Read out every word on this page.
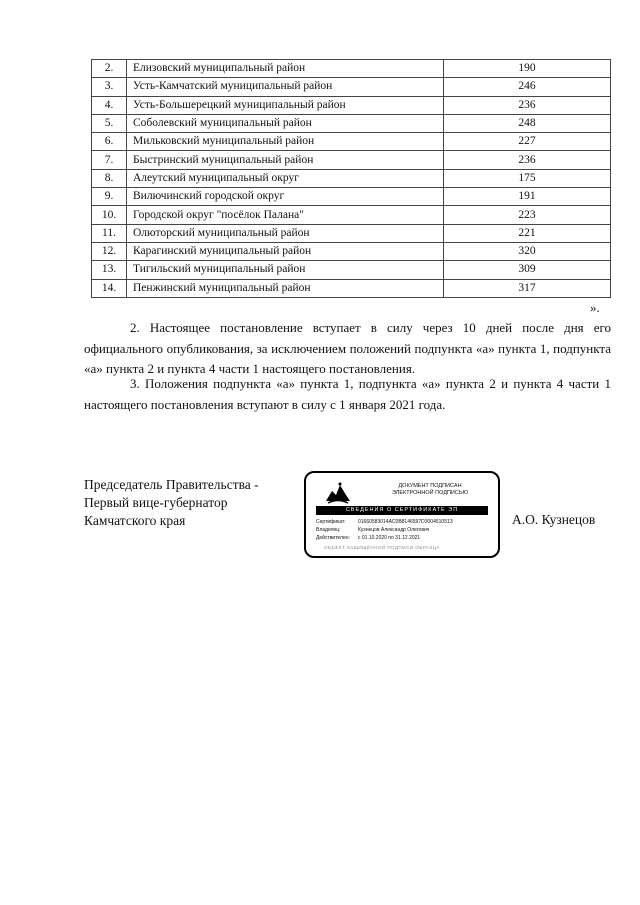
2.	Елизовский муниципальный район	190
3.	Усть-Камчатский муниципальный район	246
4.	Усть-Большерецкий муниципальный район	236
5.	Соболевский муниципальный район	248
6.	Мильковский муниципальный район	227
7.	Быстринский муниципальный район	236
8.	Алеутский муниципальный округ	175
9.	Вилючинский городской округ	191
10.	Городской округ "посёлок Палана"	223
11.	Олюторский муниципальный район	221
12.	Карагинский муниципальный район	320
13.	Тигильский муниципальный район	309
14.	Пенжинский муниципальный район	317
».

2. Настоящее постановление вступает в силу через 10 дней после дня его официального опубликования, за исключением положений подпункта «а» пункта 1, подпункта «а» пункта 2 и пункта 4 части 1 настоящего постановления.

3. Положения подпункта «а» пункта 1, подпункта «а» пункта 2 и пункта 4 части 1 настоящего постановления вступают в силу с 1 января 2021 года.

Председатель Правительства -
Первый вице-губернатор
Камчатского края
ДОКУМЕНТ ПОДПИСАН
ЭЛЕКТРОННОЙ ПОДПИСЬЮ
СВЕДЕНИЯ О СЕРТИФИКАТЕ ЭП
Сертификат:	01660583014AC0B8146597D300451051З
Владелец:	Кузнецов Александр Олегович
Действителен:	с 01.10.2020 по 31.12.2021
ОБЪЕКТ ЗАЩИЩЁННОЙ ПОДПИСИ ОБРАЗЦА
А.О. Кузнецов
